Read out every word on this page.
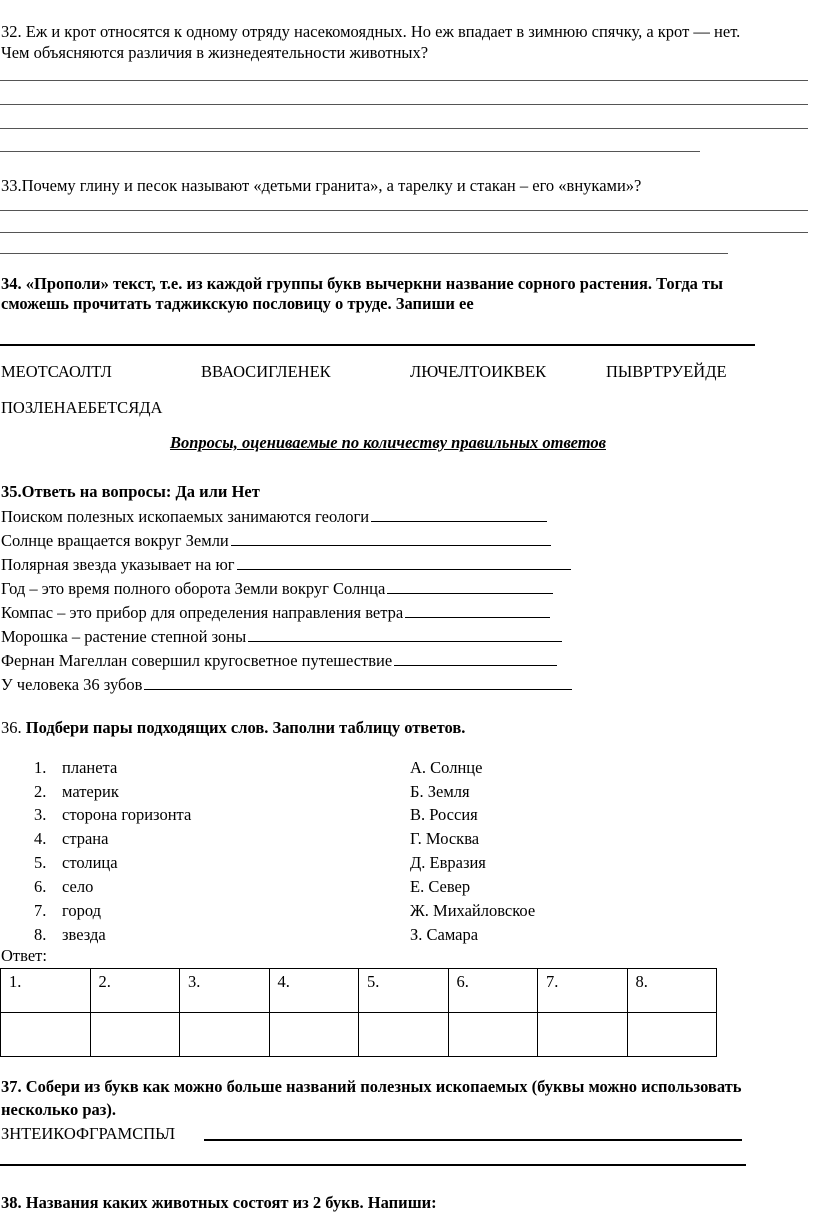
32. Еж и крот относятся к одному отряду насекомоядных. Но еж впадает в зимнюю спячку, а крот — нет.
Чем объясняются различия в жизнедеятельности животных?
33.Почему глину и песок называют «детьми гранита», а тарелку и стакан – его «внуками»?
34. «Прополи» текст, т.е. из каждой группы букв вычеркни название сорного растения. Тогда ты
сможешь прочитать таджикскую пословицу о труде. Запиши ее
МЕОТСАОЛТЛ	ВВАОСИГЛЕНЕК	ЛЮЧЕЛТОИКВЕК	ПЫВРТРУЕЙДЕ
ПОЗЛЕНАЕБЕТСЯДА
Вопросы, оцениваемые по количеству правильных ответов
35.Ответь на вопросы: Да или Нет
Поиском полезных ископаемых занимаются геологи
Солнце вращается вокруг Земли
Полярная звезда указывает на юг
Год – это время полного оборота Земли вокруг Солнца
Компас – это прибор для определения направления ветра
Морошка – растение степной зоны
Фернан Магеллан совершил кругосветное путешествие
У человека 36 зубов
36. Подбери пары подходящих слов. Заполни таблицу ответов.
1. планета
2. материк
3. сторона горизонта
4. страна
5. столица
6. село
7. город
8. звезда
А. Солнце
Б. Земля
В. Россия
Г. Москва
Д. Евразия
Е. Север
Ж. Михайловское
З. Самара
Ответ:
1.	2.	3.	4.	5.	6.	7.	8.

37. Собери из букв как можно больше названий полезных ископаемых (буквы можно использовать
несколько раз).
ЗНТЕИКОФГРАМСПЬЛ
38. Названия каких животных состоят из 2 букв. Напиши:
